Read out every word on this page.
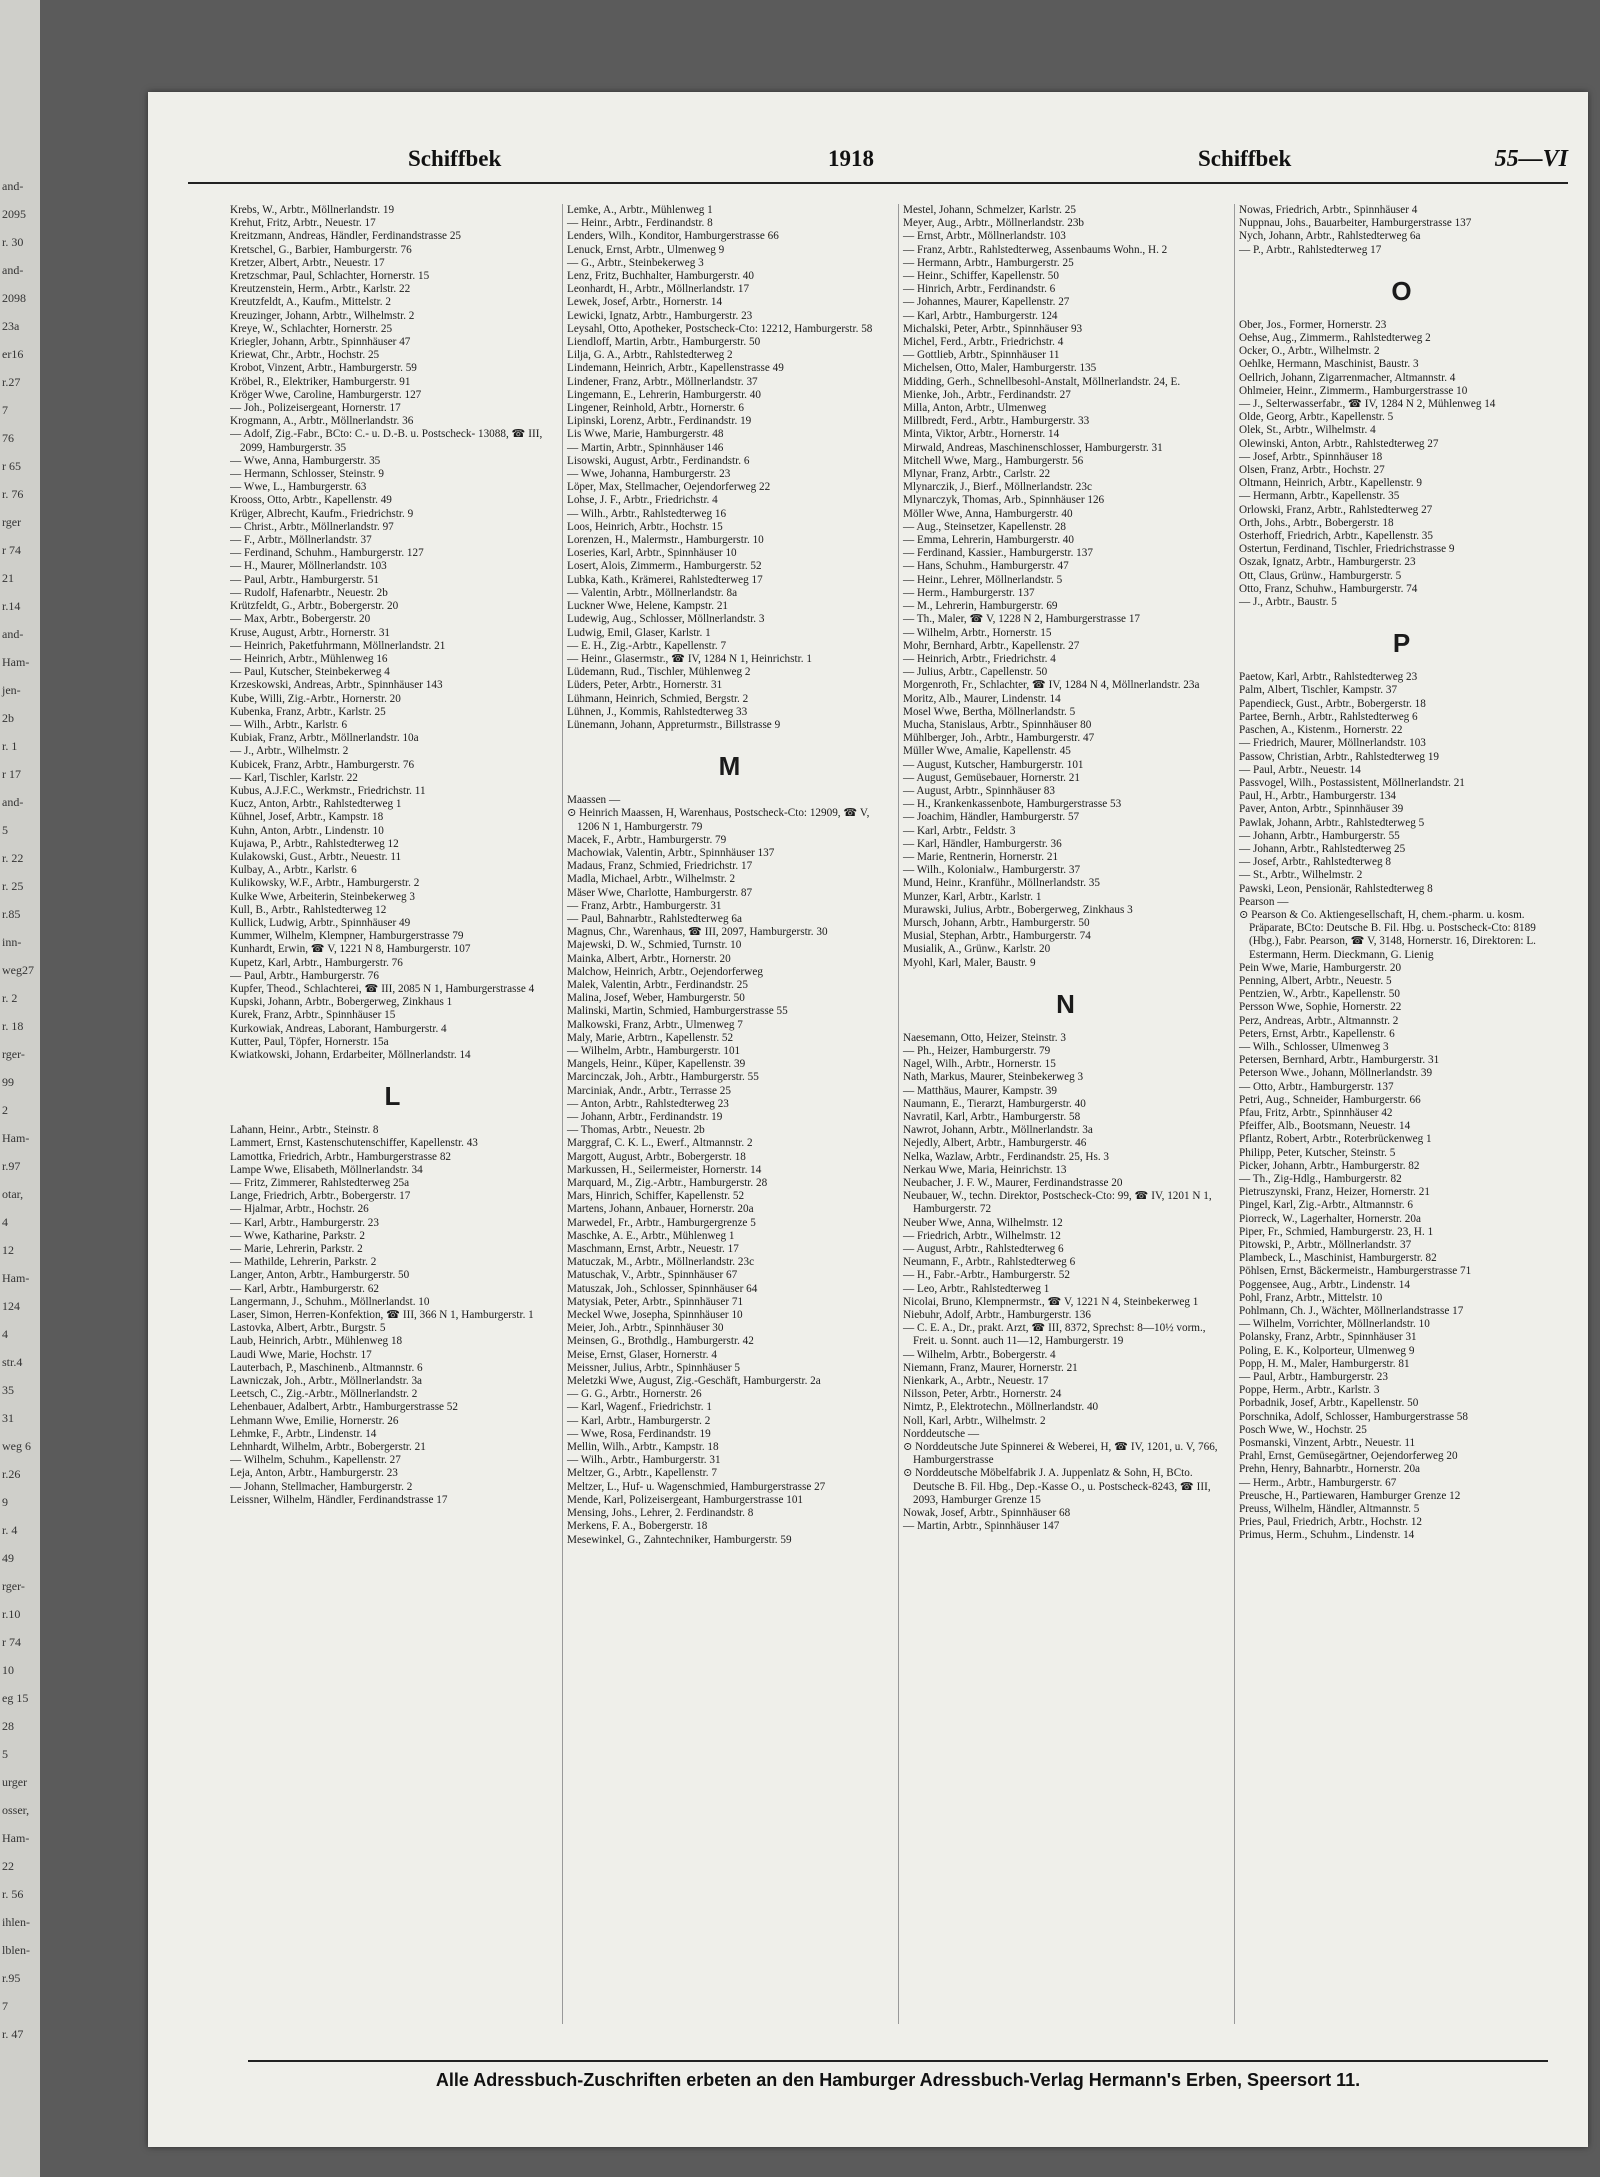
and-
2095
r. 30
and-
2098
23a
er16
r.27
7
76
r 65
r. 76
rger
r 74
21
r.14
and-
Ham-
jen-
2b
r. 1
r 17
and-
5
r. 22
r. 25
r.85
inn-
weg27
r. 2
r. 18
rger-
99
2
Ham-
r.97
otar,
4
12
Ham-
124
4
str.4
35
31
weg 6
r.26
9
r. 4
49
rger-
r.10
r 74
10
eg 15
28
5
urger
osser,
Ham-
22
r. 56
ihlen-
lblen-
r.95
7
r. 47
Schiffbek	1918	Schiffbek	55—VI
Krebs, W., Arbtr., Möllnerlandstr. 19
Krehut, Fritz, Arbtr., Neuestr. 17
Kreitzmann, Andreas, Händler, Ferdinandstrasse 25
Kretschel, G., Barbier, Hamburgerstr. 76
Kretzer, Albert, Arbtr., Neuestr. 17
Kretzschmar, Paul, Schlachter, Hornerstr. 15
Kreutzenstein, Herm., Arbtr., Karlstr. 22
Kreutzfeldt, A., Kaufm., Mittelstr. 2
Kreuzinger, Johann, Arbtr., Wilhelmstr. 2
Kreye, W., Schlachter, Hornerstr. 25
Kriegler, Johann, Arbtr., Spinnhäuser 47
Kriewat, Chr., Arbtr., Hochstr. 25
Krobot, Vinzent, Arbtr., Hamburgerstr. 59
Kröbel, R., Elektriker, Hamburgerstr. 91
Kröger Wwe, Caroline, Hamburgerstr. 127
— Joh., Polizeisergeant, Hornerstr. 17
Krogmann, A., Arbtr., Möllnerlandstr. 36
— Adolf, Zig.-Fabr., BCto: C.- u. D.-B. u. Postscheck- 13088, ☎ III, 2099, Hamburgerstr. 35
— Wwe, Anna, Hamburgerstr. 35
— Hermann, Schlosser, Steinstr. 9
— Wwe, L., Hamburgerstr. 63
Krooss, Otto, Arbtr., Kapellenstr. 49
Krüger, Albrecht, Kaufm., Friedrichstr. 9
— Christ., Arbtr., Möllnerlandstr. 97
— F., Arbtr., Möllnerlandstr. 37
— Ferdinand, Schuhm., Hamburgerstr. 127
— H., Maurer, Möllnerlandstr. 103
— Paul, Arbtr., Hamburgerstr. 51
— Rudolf, Hafenarbtr., Neuestr. 2b
Krützfeldt, G., Arbtr., Bobergerstr. 20
— Max, Arbtr., Bobergerstr. 20
Kruse, August, Arbtr., Hornerstr. 31
— Heinrich, Paketfuhrmann, Möllnerlandstr. 21
— Heinrich, Arbtr., Mühlenweg 16
— Paul, Kutscher, Steinbekerweg 4
Krzeskowski, Andreas, Arbtr., Spinnhäuser 143
Kube, Willi, Zig.-Arbtr., Hornerstr. 20
Kubenka, Franz, Arbtr., Karlstr. 25
— Wilh., Arbtr., Karlstr. 6
Kubiak, Franz, Arbtr., Möllnerlandstr. 10a
— J., Arbtr., Wilhelmstr. 2
Kubicek, Franz, Arbtr., Hamburgerstr. 76
— Karl, Tischler, Karlstr. 22
Kubus, A.J.F.C., Werkmstr., Friedrichstr. 11
Kucz, Anton, Arbtr., Rahlstedterweg 1
Kühnel, Josef, Arbtr., Kampstr. 18
Kuhn, Anton, Arbtr., Lindenstr. 10
Kujawa, P., Arbtr., Rahlstedterweg 12
Kulakowski, Gust., Arbtr., Neuestr. 11
Kulbay, A., Arbtr., Karlstr. 6
Kulikowsky, W.F., Arbtr., Hamburgerstr. 2
Kulke Wwe, Arbeiterin, Steinbekerweg 3
Kull, B., Arbtr., Rahlstedterweg 12
Kullick, Ludwig, Arbtr., Spinnhäuser 49
Kummer, Wilhelm, Klempner, Hamburgerstrasse 79
Kunhardt, Erwin, ☎ V, 1221 N 8, Hamburgerstr. 107
Kupetz, Karl, Arbtr., Hamburgerstr. 76
— Paul, Arbtr., Hamburgerstr. 76
Kupfer, Theod., Schlachterei, ☎ III, 2085 N 1, Hamburgerstrasse 4
Kupski, Johann, Arbtr., Bobergerweg, Zinkhaus 1
Kurek, Franz, Arbtr., Spinnhäuser 15
Kurkowiak, Andreas, Laborant, Hamburgerstr. 4
Kutter, Paul, Töpfer, Hornerstr. 15a
Kwiatkowski, Johann, Erdarbeiter, Möllnerlandstr. 14
L
Laħann, Heinr., Arbtr., Steinstr. 8
Lammert, Ernst, Kastenschutenschiffer, Kapellenstr. 43
Lamottka, Friedrich, Arbtr., Hamburgerstrasse 82
Lampe Wwe, Elisabeth, Möllnerlandstr. 34
— Fritz, Zimmerer, Rahlstedterweg 25a
Lange, Friedrich, Arbtr., Bobergerstr. 17
— Hjalmar, Arbtr., Hochstr. 26
— Karl, Arbtr., Hamburgerstr. 23
— Wwe, Katharine, Parkstr. 2
— Marie, Lehrerin, Parkstr. 2
— Mathilde, Lehrerin, Parkstr. 2
Langer, Anton, Arbtr., Hamburgerstr. 50
— Karl, Arbtr., Hamburgerstr. 62
Langermann, J., Schuhm., Möllnerlandst. 10
Laser, Simon, Herren-Konfektion, ☎ III, 366 N 1, Hamburgerstr. 1
Lastovka, Albert, Arbtr., Burgstr. 5
Laub, Heinrich, Arbtr., Mühlenweg 18
Laudi Wwe, Marie, Hochstr. 17
Lauterbach, P., Maschinenb., Altmannstr. 6
Lawniczak, Joh., Arbtr., Möllnerlandstr. 3a
Leetsch, C., Zig.-Arbtr., Möllnerlandstr. 2
Lehenbauer, Adalbert, Arbtr., Hamburgerstrasse 52
Lehmann Wwe, Emilie, Hornerstr. 26
Lehmke, F., Arbtr., Lindenstr. 14
Lehnhardt, Wilhelm, Arbtr., Bobergerstr. 21
— Wilhelm, Schuhm., Kapellenstr. 27
Leja, Anton, Arbtr., Hamburgerstr. 23
— Johann, Stellmacher, Hamburgerstr. 2
Leissner, Wilhelm, Händler, Ferdinandstrasse 17
Lemke, A., Arbtr., Mühlenweg 1
— Heinr., Arbtr., Ferdinandstr. 8
Lenders, Wilh., Konditor, Hamburgerstrasse 66
Lenuck, Ernst, Arbtr., Ulmenweg 9
— G., Arbtr., Steinbekerweg 3
Lenz, Fritz, Buchhalter, Hamburgerstr. 40
Leonhardt, H., Arbtr., Möllnerlandstr. 17
Lewek, Josef, Arbtr., Hornerstr. 14
Lewicki, Ignatz, Arbtr., Hamburgerstr. 23
Leysahl, Otto, Apotheker, Postscheck-Cto: 12212, Hamburgerstr. 58
Liendloff, Martin, Arbtr., Hamburgerstr. 50
Lilja, G. A., Arbtr., Rahlstedterweg 2
Lindemann, Heinrich, Arbtr., Kapellenstrasse 49
Lindener, Franz, Arbtr., Möllnerlandstr. 37
Lingemann, E., Lehrerin, Hamburgerstr. 40
Lingener, Reinhold, Arbtr., Hornerstr. 6
Lipinski, Lorenz, Arbtr., Ferdinandstr. 19
Lis Wwe, Marie, Hamburgerstr. 48
— Martin, Arbtr., Spinnhäuser 146
Lisowski, August, Arbtr., Ferdinandstr. 6
— Wwe, Johanna, Hamburgerstr. 23
Löper, Max, Stellmacher, Oejendorferweg 22
Lohse, J. F., Arbtr., Friedrichstr. 4
— Wilh., Arbtr., Rahlstedterweg 16
Loos, Heinrich, Arbtr., Hochstr. 15
Lorenzen, H., Malermstr., Hamburgerstr. 10
Loseries, Karl, Arbtr., Spinnhäuser 10
Losert, Alois, Zimmerm., Hamburgerstr. 52
Lubka, Kath., Krämerei, Rahlstedterweg 17
— Valentin, Arbtr., Möllnerlandstr. 8a
Luckner Wwe, Helene, Kampstr. 21
Ludewig, Aug., Schlosser, Möllnerlandstr. 3
Ludwig, Emil, Glaser, Karlstr. 1
— E. H., Zig.-Arbtr., Kapellenstr. 7
— Heinr., Glasermstr., ☎ IV, 1284 N 1, Heinrichstr. 1
Lüdemann, Rud., Tischler, Mühlenweg 2
Lüders, Peter, Arbtr., Hornerstr. 31
Lühmann, Heinrich, Schmied, Bergstr. 2
Lühnen, J., Kommis, Rahlstedterweg 33
Lünemann, Johann, Appreturmstr., Billstrasse 9
M
Maassen —
⊙ Heinrich Maassen, H, Warenhaus, Postscheck-Cto: 12909, ☎ V, 1206 N 1, Hamburgerstr. 79
Macek, F., Arbtr., Hamburgerstr. 79
Machowiak, Valentin, Arbtr., Spinnhäuser 137
Madaus, Franz, Schmied, Friedrichstr. 17
Madla, Michael, Arbtr., Wilhelmstr. 2
Mäser Wwe, Charlotte, Hamburgerstr. 87
— Franz, Arbtr., Hamburgerstr. 31
— Paul, Bahnarbtr., Rahlstedterweg 6a
Magnus, Chr., Warenhaus, ☎ III, 2097, Hamburgerstr. 30
Majewski, D. W., Schmied, Turnstr. 10
Mainka, Albert, Arbtr., Hornerstr. 20
Malchow, Heinrich, Arbtr., Oejendorferweg
Malek, Valentin, Arbtr., Ferdinandstr. 25
Malina, Josef, Weber, Hamburgerstr. 50
Malinski, Martin, Schmied, Hamburgerstrasse 55
Malkowski, Franz, Arbtr., Ulmenweg 7
Maly, Marie, Arbtrn., Kapellenstr. 52
— Wilhelm, Arbtr., Hamburgerstr. 101
Mangels, Heinr., Küper, Kapellenstr. 39
Marcinczak, Joh., Arbtr., Hamburgerstr. 55
Marciniak, Andr., Arbtr., Terrasse 25
— Anton, Arbtr., Rahlstedterweg 23
— Johann, Arbtr., Ferdinandstr. 19
— Thomas, Arbtr., Neuestr. 2b
Marggraf, C. K. L., Ewerf., Altmannstr. 2
Margott, August, Arbtr., Bobergerstr. 18
Markussen, H., Seilermeister, Hornerstr. 14
Marquard, M., Zig.-Arbtr., Hamburgerstr. 28
Mars, Hinrich, Schiffer, Kapellenstr. 52
Martens, Johann, Anbauer, Hornerstr. 20a
Marwedel, Fr., Arbtr., Hamburgergrenze 5
Maschke, A. E., Arbtr., Mühlenweg 1
Maschmann, Ernst, Arbtr., Neuestr. 17
Matuczak, M., Arbtr., Möllnerlandstr. 23c
Matuschak, V., Arbtr., Spinnhäuser 67
Matuszak, Joh., Schlosser, Spinnhäuser 64
Matysiak, Peter, Arbtr., Spinnhäuser 71
Meckel Wwe, Josepha, Spinnhäuser 10
Meier, Joh., Arbtr., Spinnhäuser 30
Meinsen, G., Brothdlg., Hamburgerstr. 42
Meise, Ernst, Glaser, Hornerstr. 4
Meissner, Julius, Arbtr., Spinnhäuser 5
Meletzki Wwe, August, Zig.-Geschäft, Hamburgerstr. 2a
— G. G., Arbtr., Hornerstr. 26
— Karl, Wagenf., Friedrichstr. 1
— Karl, Arbtr., Hamburgerstr. 2
— Wwe, Rosa, Ferdinandstr. 19
Mellin, Wilh., Arbtr., Kampstr. 18
— Wilh., Arbtr., Hamburgerstr. 31
Meltzer, G., Arbtr., Kapellenstr. 7
Meltzer, L., Huf- u. Wagenschmied, Hamburgerstrasse 27
Mende, Karl, Polizeisergeant, Hamburgerstrasse 101
Mensing, Johs., Lehrer, 2. Ferdinandstr. 8
Merkens, F. A., Bobergerstr. 18
Mesewinkel, G., Zahntechniker, Hamburgerstr. 59
Mestel, Johann, Schmelzer, Karlstr. 25
Meyer, Aug., Arbtr., Möllnerlandstr. 23b
— Ernst, Arbtr., Möllnerlandstr. 103
— Franz, Arbtr., Rahlstedterweg, Assenbaums Wohn., H. 2
— Hermann, Arbtr., Hamburgerstr. 25
— Heinr., Schiffer, Kapellenstr. 50
— Hinrich, Arbtr., Ferdinandstr. 6
— Johannes, Maurer, Kapellenstr. 27
— Karl, Arbtr., Hamburgerstr. 124
Michalski, Peter, Arbtr., Spinnhäuser 93
Michel, Ferd., Arbtr., Friedrichstr. 4
— Gottlieb, Arbtr., Spinnhäuser 11
Michelsen, Otto, Maler, Hamburgerstr. 135
Midding, Gerh., Schnellbesohl-Anstalt, Möllnerlandstr. 24, E.
Mienke, Joh., Arbtr., Ferdinandstr. 27
Milla, Anton, Arbtr., Ulmenweg
Millbredt, Ferd., Arbtr., Hamburgerstr. 33
Minta, Viktor, Arbtr., Hornerstr. 14
Mirwald, Andreas, Maschinenschlosser, Hamburgerstr. 31
Mitchell Wwe, Marg., Hamburgerstr. 56
Mlynar, Franz, Arbtr., Carlstr. 22
Mlynarczik, J., Bierf., Möllnerlandstr. 23c
Mlynarczyk, Thomas, Arb., Spinnhäuser 126
Möller Wwe, Anna, Hamburgerstr. 40
— Aug., Steinsetzer, Kapellenstr. 28
— Emma, Lehrerin, Hamburgerstr. 40
— Ferdinand, Kassier., Hamburgerstr. 137
— Hans, Schuhm., Hamburgerstr. 47
— Heinr., Lehrer, Möllnerlandstr. 5
— Herm., Hamburgerstr. 137
— M., Lehrerin, Hamburgerstr. 69
— Th., Maler, ☎ V, 1228 N 2, Hamburgerstrasse 17
— Wilhelm, Arbtr., Hornerstr. 15
Mohr, Bernhard, Arbtr., Kapellenstr. 27
— Heinrich, Arbtr., Friedrichstr. 4
— Julius, Arbtr., Capellenstr. 50
Morgenroth, Fr., Schlachter, ☎ IV, 1284 N 4, Möllnerlandstr. 23a
Moritz, Alb., Maurer, Lindenstr. 14
Mosel Wwe, Bertha, Möllnerlandstr. 5
Mucha, Stanislaus, Arbtr., Spinnhäuser 80
Mühlberger, Joh., Arbtr., Hamburgerstr. 47
Müller Wwe, Amalie, Kapellenstr. 45
— August, Kutscher, Hamburgerstr. 101
— August, Gemüsebauer, Hornerstr. 21
— August, Arbtr., Spinnhäuser 83
— H., Krankenkassenbote, Hamburgerstrasse 53
— Joachim, Händler, Hamburgerstr. 57
— Karl, Arbtr., Feldstr. 3
— Karl, Händler, Hamburgerstr. 36
— Marie, Rentnerin, Hornerstr. 21
— Wilh., Kolonialw., Hamburgerstr. 37
Mund, Heinr., Kranführ., Möllnerlandstr. 35
Munzer, Karl, Arbtr., Karlstr. 1
Murawski, Julius, Arbtr., Bobergerweg, Zinkhaus 3
Mursch, Johann, Arbtr., Hamburgerstr. 50
Musial, Stephan, Arbtr., Hamburgerstr. 74
Musialik, A., Grünw., Karlstr. 20
Myohl, Karl, Maler, Baustr. 9
N
Naesemann, Otto, Heizer, Steinstr. 3
— Ph., Heizer, Hamburgerstr. 79
Nagel, Wilh., Arbtr., Hornerstr. 15
Nath, Markus, Maurer, Steinbekerweg 3
— Matthäus, Maurer, Kampstr. 39
Naumann, E., Tierarzt, Hamburgerstr. 40
Navratil, Karl, Arbtr., Hamburgerstr. 58
Nawrot, Johann, Arbtr., Möllnerlandstr. 3a
Nejedly, Albert, Arbtr., Hamburgerstr. 46
Nelka, Wazlaw, Arbtr., Ferdinandstr. 25, Hs. 3
Nerkau Wwe, Maria, Heinrichstr. 13
Neubacher, J. F. W., Maurer, Ferdinandstrasse 20
Neubauer, W., techn. Direktor, Postscheck-Cto: 99, ☎ IV, 1201 N 1, Hamburgerstr. 72
Neuber Wwe, Anna, Wilhelmstr. 12
— Friedrich, Arbtr., Wilhelmstr. 12
— August, Arbtr., Rahlstedterweg 6
Neumann, F., Arbtr., Rahlstedterweg 6
— H., Fabr.-Arbtr., Hamburgerstr. 52
— Leo, Arbtr., Rahlstedterweg 1
Nicolai, Bruno, Klempnermstr., ☎ V, 1221 N 4, Steinbekerweg 1
Niebuhr, Adolf, Arbtr., Hamburgerstr. 136
— C. E. A., Dr., prakt. Arzt, ☎ III, 8372, Sprechst: 8—10½ vorm., Freit. u. Sonnt. auch 11—12, Hamburgerstr. 19
— Wilhelm, Arbtr., Bobergerstr. 4
Niemann, Franz, Maurer, Hornerstr. 21
Nienkark, A., Arbtr., Neuestr. 17
Nilsson, Peter, Arbtr., Hornerstr. 24
Nimtz, P., Elektrotechn., Möllnerlandstr. 40
Noll, Karl, Arbtr., Wilhelmstr. 2
Norddeutsche —
⊙ Norddeutsche Jute Spinnerei & Weberei, H, ☎ IV, 1201, u. V, 766, Hamburgerstrasse
⊙ Norddeutsche Möbelfabrik J. A. Juppenlatz & Sohn, H, BCto. Deutsche B. Fil. Hbg., Dep.-Kasse O., u. Postscheck-8243, ☎ III, 2093, Hamburger Grenze 15
Nowak, Josef, Arbtr., Spinnhäuser 68
— Martin, Arbtr., Spinnhäuser 147
Nowas, Friedrich, Arbtr., Spinnhäuser 4
Nuppnau, Johs., Bauarbeiter, Hamburgerstrasse 137
Nych, Johann, Arbtr., Rahlstedterweg 6a
— P., Arbtr., Rahlstedterweg 17
O
Ober, Jos., Former, Hornerstr. 23
Oehse, Aug., Zimmerm., Rahlstedterweg 2
Ocker, O., Arbtr., Wilhelmstr. 2
Oehlke, Hermann, Maschinist, Baustr. 3
Oellrich, Johann, Zigarrenmacher, Altmannstr. 4
Ohlmeier, Heinr., Zimmerm., Hamburgerstrasse 10
— J., Selterwasserfabr., ☎ IV, 1284 N 2, Mühlenweg 14
Olde, Georg, Arbtr., Kapellenstr. 5
Olek, St., Arbtr., Wilhelmstr. 4
Olewinski, Anton, Arbtr., Rahlstedterweg 27
— Josef, Arbtr., Spinnhäuser 18
Olsen, Franz, Arbtr., Hochstr. 27
Oltmann, Heinrich, Arbtr., Kapellenstr. 9
— Hermann, Arbtr., Kapellenstr. 35
Orlowski, Franz, Arbtr., Rahlstedterweg 27
Orth, Johs., Arbtr., Bobergerstr. 18
Osterhoff, Friedrich, Arbtr., Kapellenstr. 35
Ostertun, Ferdinand, Tischler, Friedrichstrasse 9
Oszak, Ignatz, Arbtr., Hamburgerstr. 23
Ott, Claus, Grünw., Hamburgerstr. 5
Otto, Franz, Schuhw., Hamburgerstr. 74
— J., Arbtr., Baustr. 5
P
Paetow, Karl, Arbtr., Rahlstedterweg 23
Palm, Albert, Tischler, Kampstr. 37
Papendieck, Gust., Arbtr., Bobergerstr. 18
Partee, Bernh., Arbtr., Rahlstedterweg 6
Paschen, A., Kistenm., Hornerstr. 22
— Friedrich, Maurer, Möllnerlandstr. 103
Passow, Christian, Arbtr., Rahlstedterweg 19
— Paul, Arbtr., Neuestr. 14
Passvogel, Wilh., Postassistent, Möllnerlandstr. 21
Paul, H., Arbtr., Hamburgerstr. 134
Paver, Anton, Arbtr., Spinnhäuser 39
Pawlak, Johann, Arbtr., Rahlstedterweg 5
— Johann, Arbtr., Hamburgerstr. 55
— Johann, Arbtr., Rahlstedterweg 25
— Josef, Arbtr., Rahlstedterweg 8
— St., Arbtr., Wilhelmstr. 2
Pawski, Leon, Pensionär, Rahlstedterweg 8
Pearson —
⊙ Pearson & Co. Aktiengesellschaft, H, chem.-pharm. u. kosm. Präparate, BCto: Deutsche B. Fil. Hbg. u. Postscheck-Cto: 8189 (Hbg.), Fabr. Pearson, ☎ V, 3148, Hornerstr. 16, Direktoren: L. Estermann, Herm. Dieckmann, G. Lienig
Pein Wwe, Marie, Hamburgerstr. 20
Penning, Albert, Arbtr., Neuestr. 5
Pentzien, W., Arbtr., Kapellenstr. 50
Persson Wwe, Sophie, Hornerstr. 22
Perz, Andreas, Arbtr., Altmannstr. 2
Peters, Ernst, Arbtr., Kapellenstr. 6
— Wilh., Schlosser, Ulmenweg 3
Petersen, Bernhard, Arbtr., Hamburgerstr. 31
Peterson Wwe., Johann, Möllnerlandstr. 39
— Otto, Arbtr., Hamburgerstr. 137
Petri, Aug., Schneider, Hamburgerstr. 66
Pfau, Fritz, Arbtr., Spinnhäuser 42
Pfeiffer, Alb., Bootsmann, Neuestr. 14
Pflantz, Robert, Arbtr., Roterbrückenweg 1
Philipp, Peter, Kutscher, Steinstr. 5
Picker, Johann, Arbtr., Hamburgerstr. 82
— Th., Zig-Hdlg., Hamburgerstr. 82
Pietruszynski, Franz, Heizer, Hornerstr. 21
Pingel, Karl, Zig.-Arbtr., Altmannstr. 6
Piorreck, W., Lagerhalter, Hornerstr. 20a
Piper, Fr., Schmied, Hamburgerstr. 23, H. 1
Pitowski, P., Arbtr., Möllnerlandstr. 37
Plambeck, L., Maschinist, Hamburgerstr. 82
Pöhlsen, Ernst, Bäckermeistr., Hamburgerstrasse 71
Poggensee, Aug., Arbtr., Lindenstr. 14
Pohl, Franz, Arbtr., Mittelstr. 10
Pohlmann, Ch. J., Wächter, Möllnerlandstrasse 17
— Wilhelm, Vorrichter, Möllnerlandstr. 10
Polansky, Franz, Arbtr., Spinnhäuser 31
Poling, E. K., Kolporteur, Ulmenweg 9
Popp, H. M., Maler, Hamburgerstr. 81
— Paul, Arbtr., Hamburgerstr. 23
Poppe, Herm., Arbtr., Karlstr. 3
Porbadnik, Josef, Arbtr., Kapellenstr. 50
Porschnika, Adolf, Schlosser, Hamburgerstrasse 58
Posch Wwe, W., Hochstr. 25
Posmanski, Vinzent, Arbtr., Neuestr. 11
Prahl, Ernst, Gemüsegärtner, Oejendorferweg 20
Prehn, Henry, Bahnarbtr., Hornerstr. 20a
— Herm., Arbtr., Hamburgerstr. 67
Preusche, H., Partiewaren, Hamburger Grenze 12
Preuss, Wilhelm, Händler, Altmannstr. 5
Pries, Paul, Friedrich, Arbtr., Hochstr. 12
Primus, Herm., Schuhm., Lindenstr. 14
Alle Adressbuch-Zuschriften erbeten an den Hamburger Adressbuch-Verlag Hermann's Erben, Speersort 11.
